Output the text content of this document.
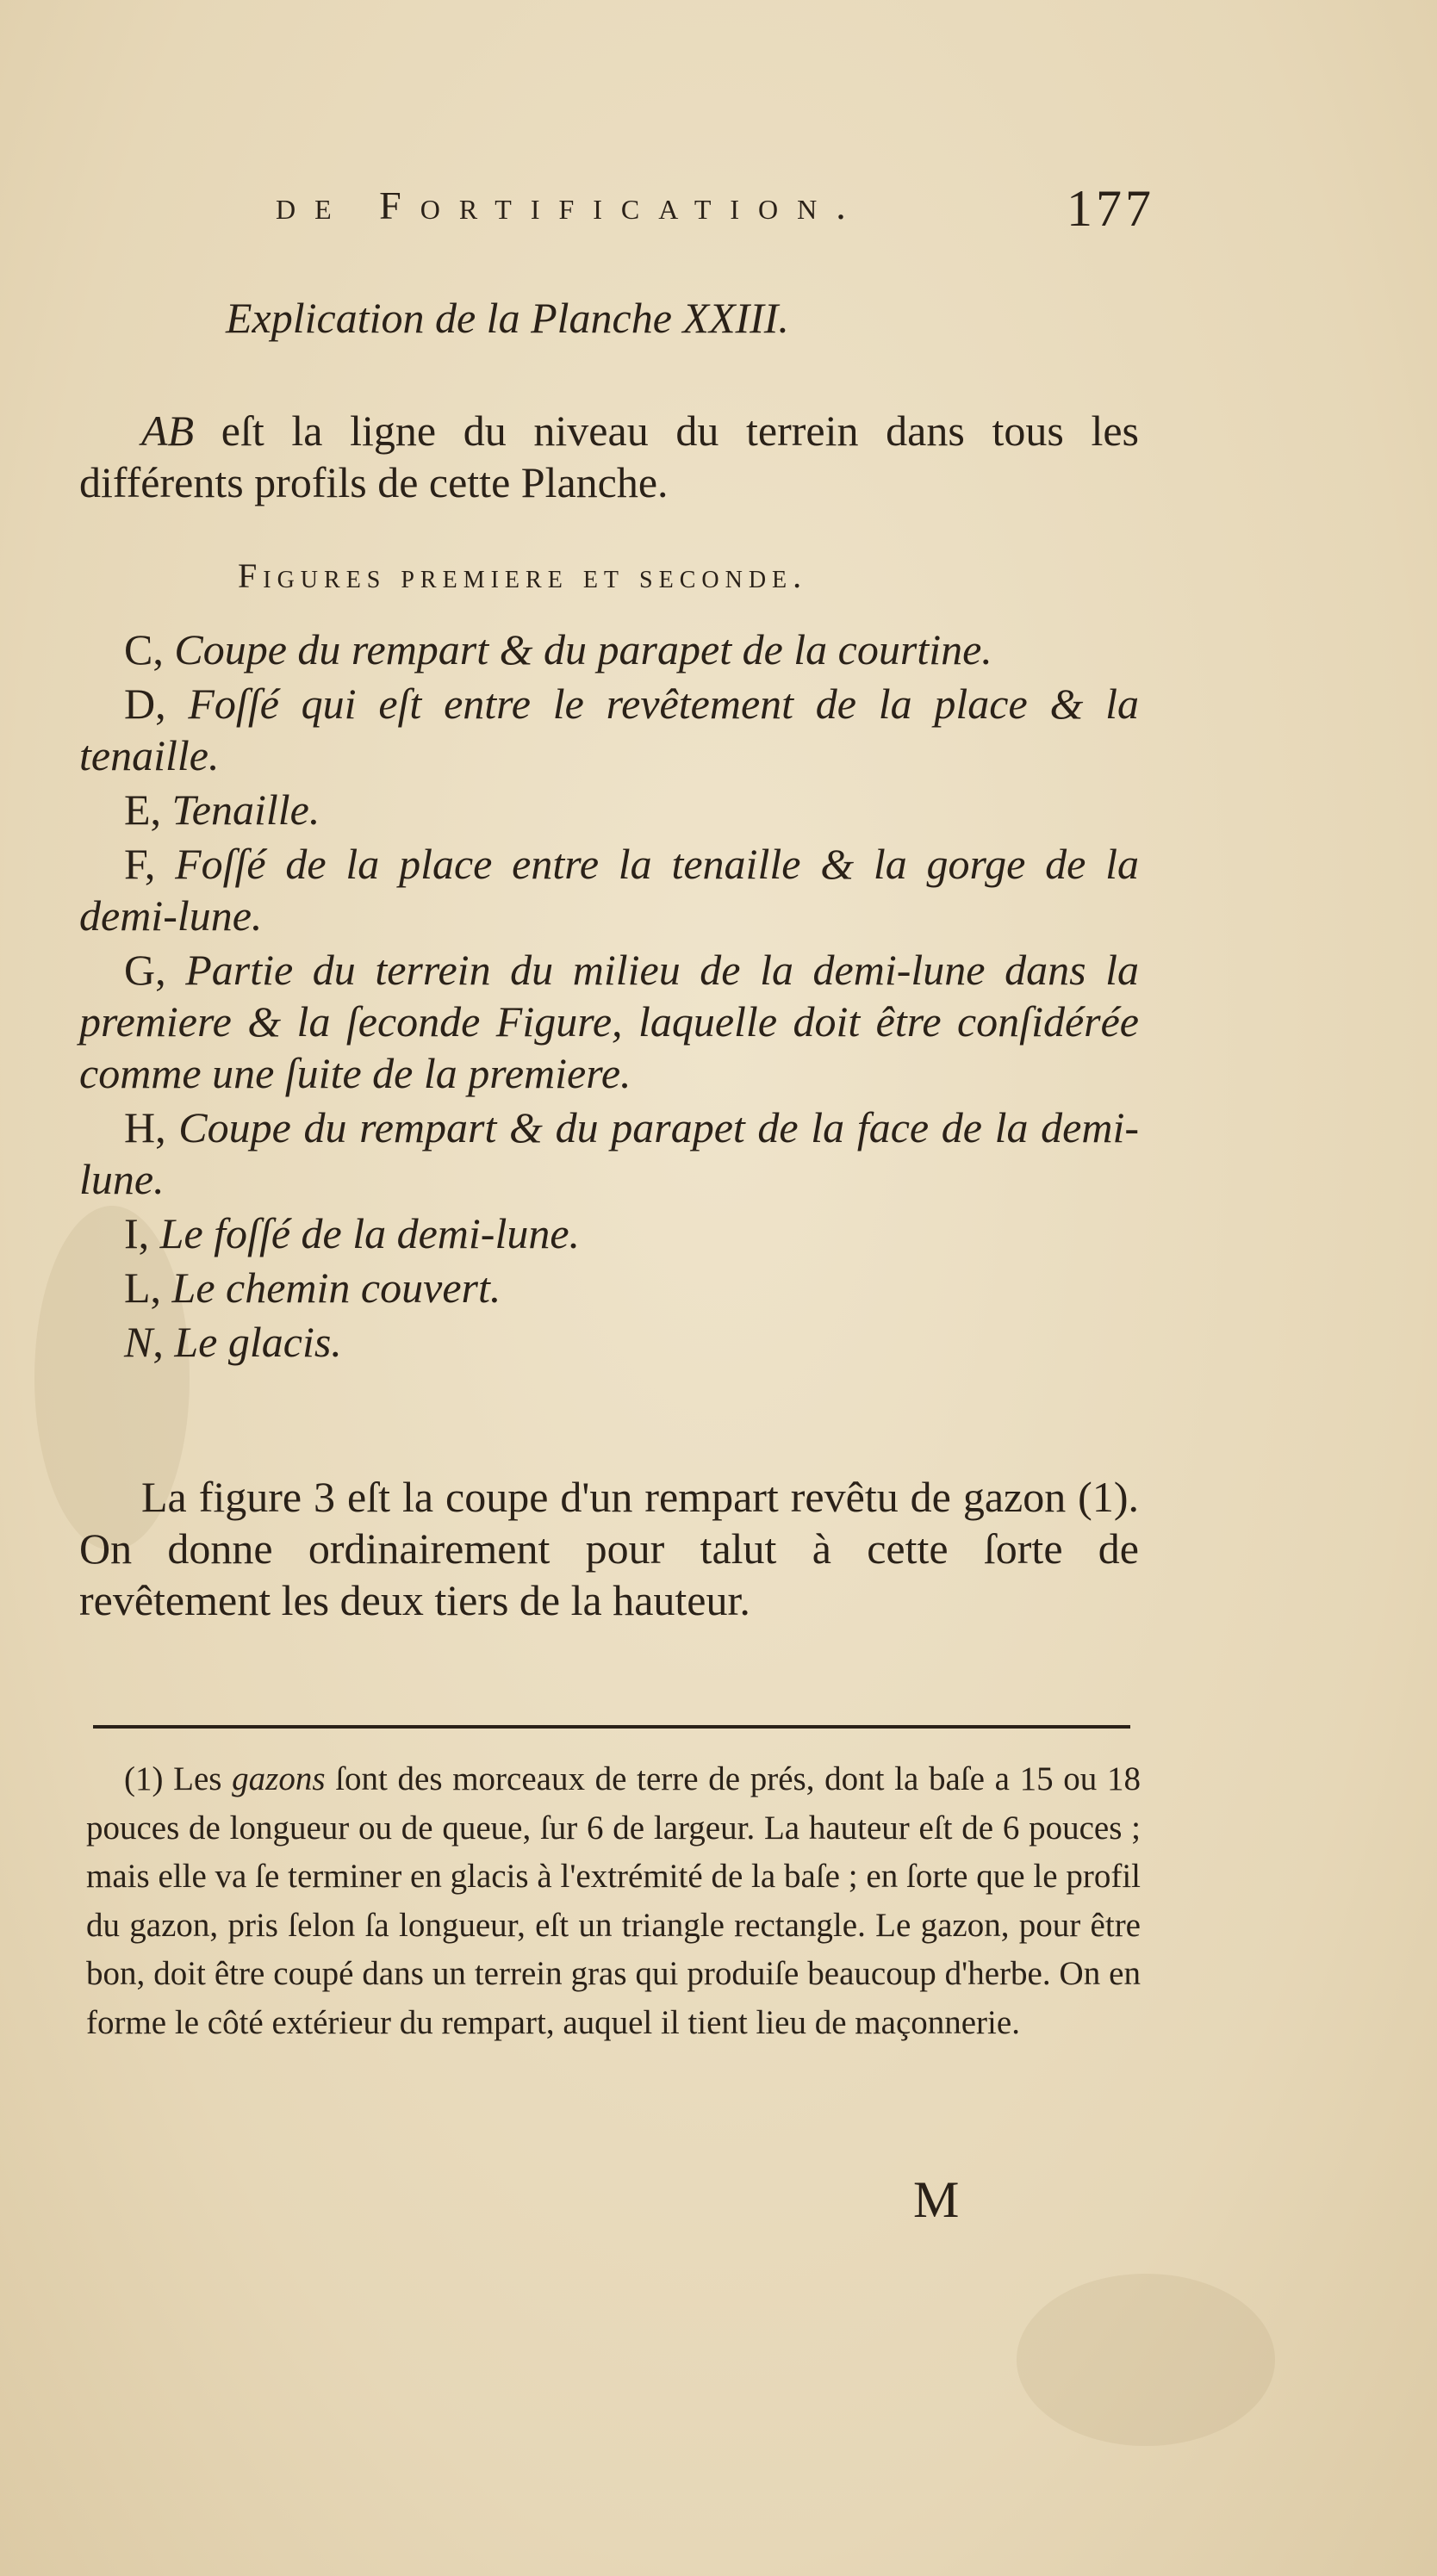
de Fortification.	177
Explication de la Planche XXIII.

AB eſt la ligne du niveau du terrein dans tous les différents profils de cette Planche.

Figures premiere et seconde.

C, Coupe du rempart & du parapet de la courtine.

D, Foſſé qui eſt entre le revêtement de la place & la tenaille.

E, Tenaille.

F, Foſſé de la place entre la tenaille & la gorge de la demi-lune.

G, Partie du terrein du milieu de la demi-lune dans la premiere & la ſeconde Figure, laquelle doit être conſidérée comme une ſuite de la premiere.

H, Coupe du rempart & du parapet de la face de la demi-lune.

I, Le foſſé de la demi-lune.

L, Le chemin couvert.

N, Le glacis.

La figure 3 eſt la coupe d'un rempart revêtu de gazon (1). On donne ordinairement pour talut à cette ſorte de revêtement les deux tiers de la hauteur.

(1) Les gazons ſont des morceaux de terre de prés, dont la baſe a 15 ou 18 pouces de longueur ou de queue, ſur 6 de largeur. La hauteur eſt de 6 pouces ; mais elle va ſe terminer en glacis à l'extrémité de la baſe ; en ſorte que le profil du gazon, pris ſelon ſa longueur, eſt un triangle rectangle. Le gazon, pour être bon, doit être coupé dans un terrein gras qui produiſe beaucoup d'herbe. On en forme le côté extérieur du rempart, auquel il tient lieu de maçonnerie.

M
